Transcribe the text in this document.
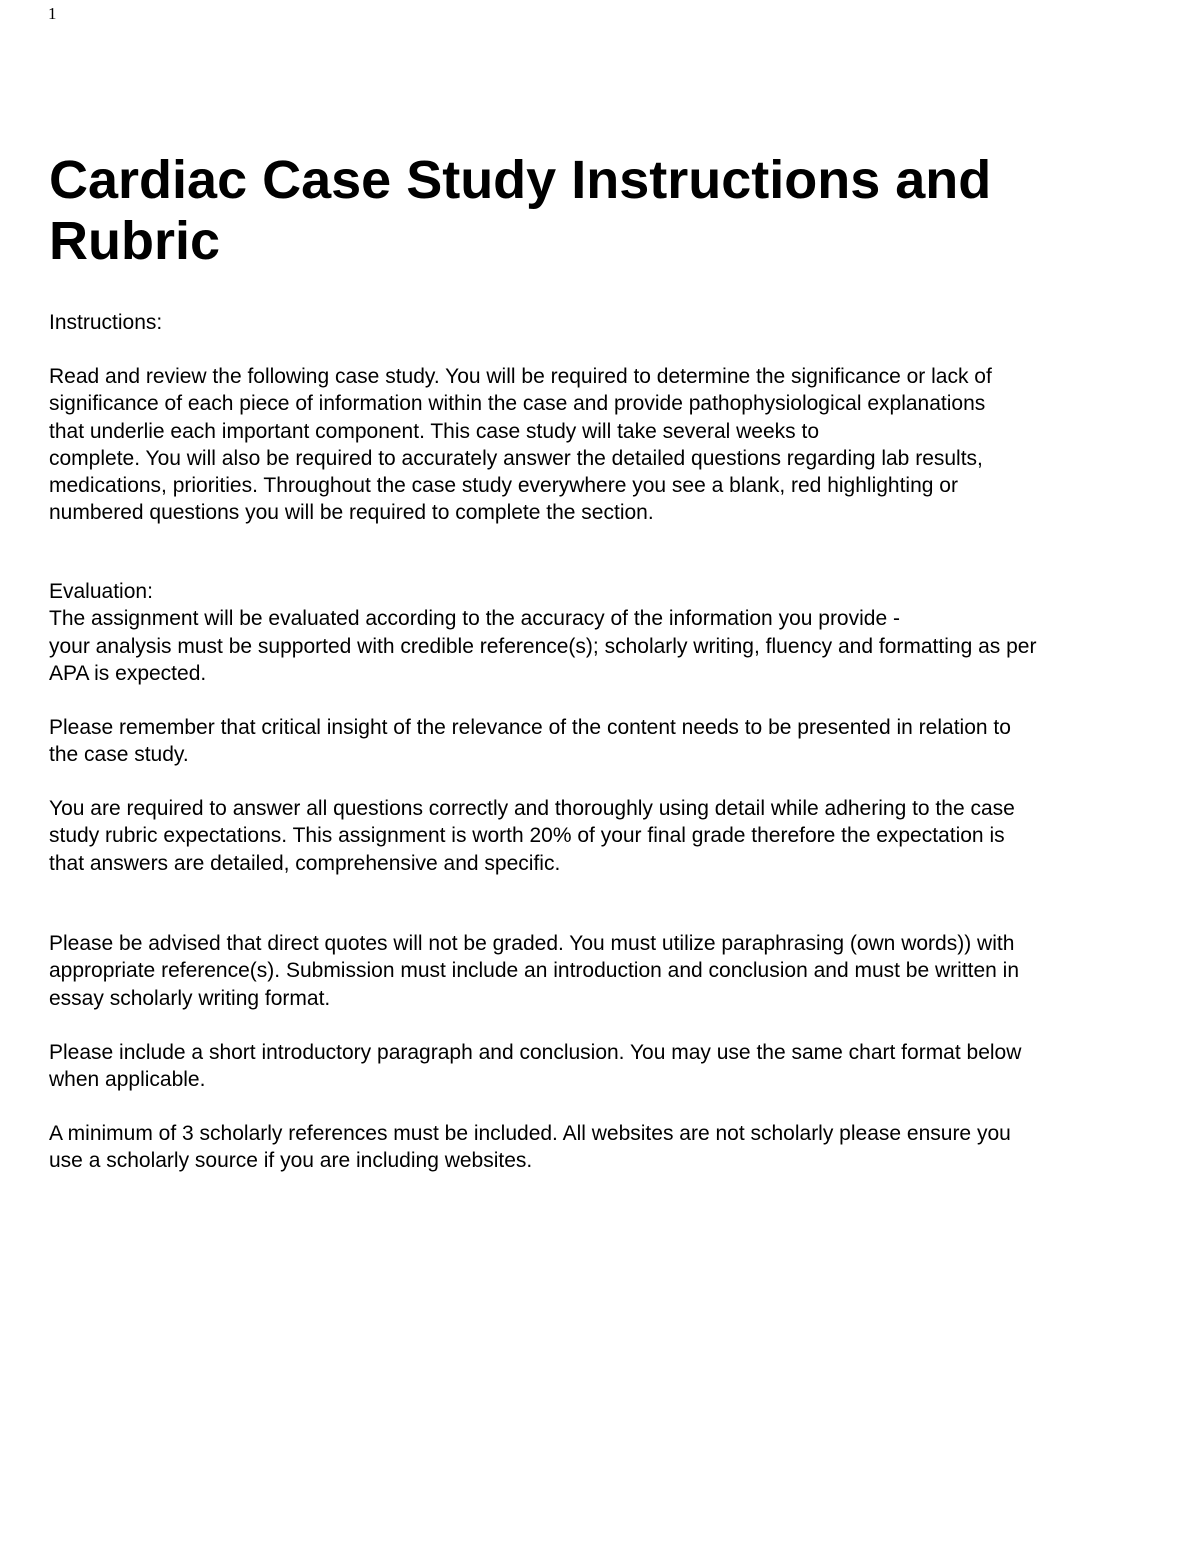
1
Cardiac Case Study Instructions and
Rubric

Instructions:

Read and review the following case study. You will be required to determine the significance or lack of
significance of each piece of information within the case and provide pathophysiological explanations
that underlie each important component. This case study will take several weeks to
complete. You will also be required to accurately answer the detailed questions regarding lab results,
medications, priorities. Throughout the case study everywhere you see a blank, red highlighting or
numbered questions you will be required to complete the section.

Evaluation:
The assignment will be evaluated according to the accuracy of the information you provide -
your analysis must be supported with credible reference(s); scholarly writing, fluency and formatting as per
APA is expected.

Please remember that critical insight of the relevance of the content needs to be presented in relation to
the case study.

You are required to answer all questions correctly and thoroughly using detail while adhering to the case
study rubric expectations. This assignment is worth 20% of your final grade therefore the expectation is
that answers are detailed, comprehensive and specific.

Please be advised that direct quotes will not be graded. You must utilize paraphrasing (own words)) with
appropriate reference(s). Submission must include an introduction and conclusion and must be written in
essay scholarly writing format.

Please include a short introductory paragraph and conclusion. You may use the same chart format below
when applicable.

A minimum of 3 scholarly references must be included. All websites are not scholarly please ensure you
use a scholarly source if you are including websites.
